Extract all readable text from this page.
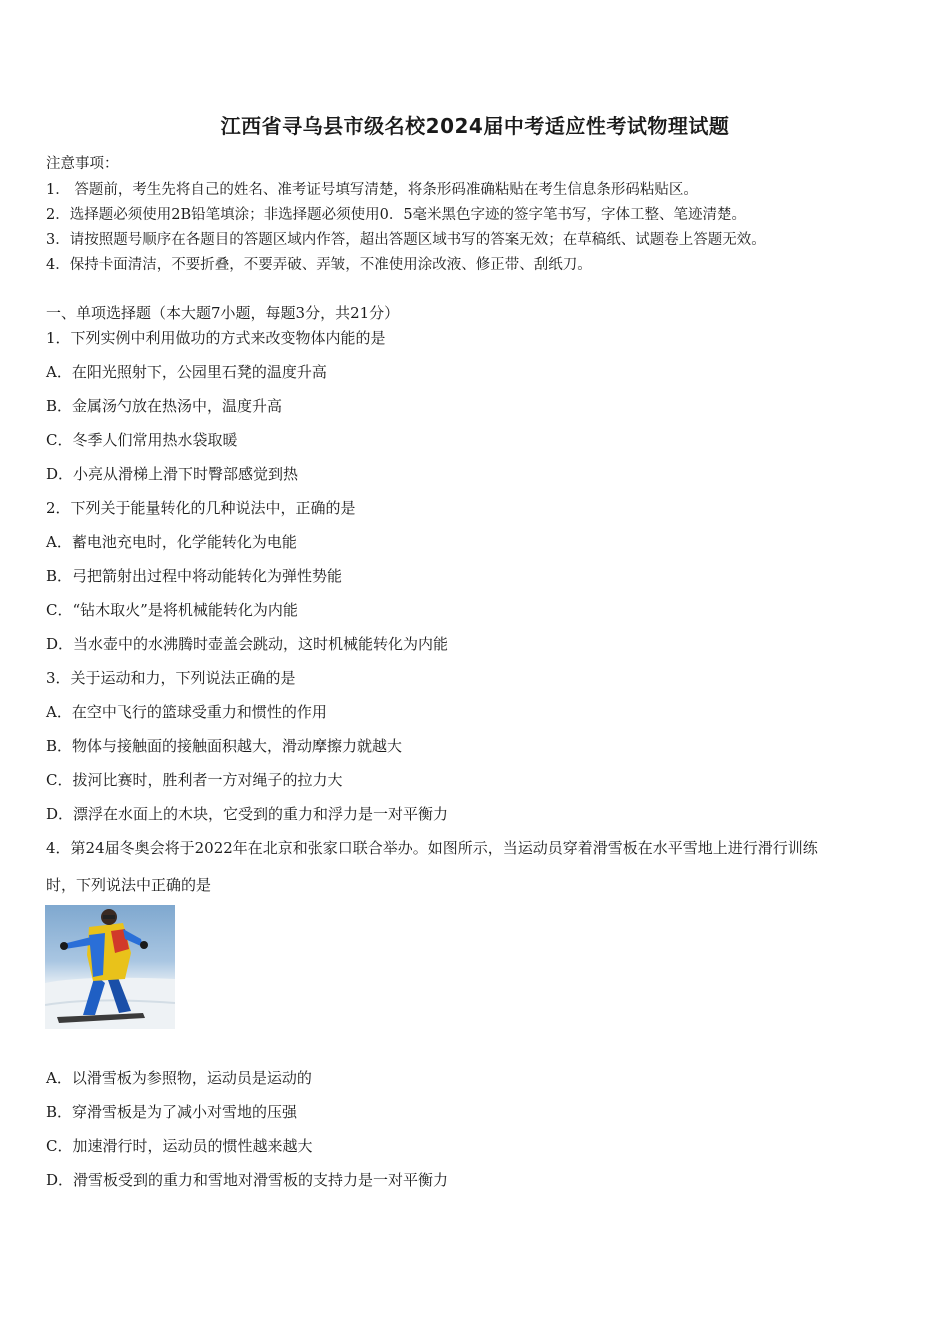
江西省寻乌县市级名校2024届中考适应性考试物理试题
注意事项：
1． 答题前，考生先将自己的姓名、准考证号填写清楚，将条形码准确粘贴在考生信息条形码粘贴区。
2．选择题必须使用2B铅笔填涂；非选择题必须使用0．5毫米黑色字迹的签字笔书写，字体工整、笔迹清楚。
3．请按照题号顺序在各题目的答题区域内作答，超出答题区域书写的答案无效；在草稿纸、试题卷上答题无效。
4．保持卡面清洁，不要折叠，不要弄破、弄皱，不准使用涂改液、修正带、刮纸刀。
一、单项选择题（本大题7小题，每题3分，共21分）
1．下列实例中利用做功的方式来改变物体内能的是
A．在阳光照射下，公园里石凳的温度升高
B．金属汤勺放在热汤中，温度升高
C．冬季人们常用热水袋取暖
D．小亮从滑梯上滑下时臀部感觉到热
2．下列关于能量转化的几种说法中，正确的是
A．蓄电池充电时，化学能转化为电能
B．弓把箭射出过程中将动能转化为弹性势能
C．“钻木取火”是将机械能转化为内能
D．当水壶中的水沸腾时壶盖会跳动，这时机械能转化为内能
3．关于运动和力，下列说法正确的是
A．在空中飞行的篮球受重力和惯性的作用
B．物体与接触面的接触面积越大，滑动摩擦力就越大
C．拔河比赛时，胜利者一方对绳子的拉力大
D．漂浮在水面上的木块，它受到的重力和浮力是一对平衡力
4．第24届冬奥会将于2022年在北京和张家口联合举办。如图所示，当运动员穿着滑雪板在水平雪地上进行滑行训练
时，下列说法中正确的是
A．以滑雪板为参照物，运动员是运动的
B．穿滑雪板是为了减小对雪地的压强
C．加速滑行时，运动员的惯性越来越大
D．滑雪板受到的重力和雪地对滑雪板的支持力是一对平衡力
